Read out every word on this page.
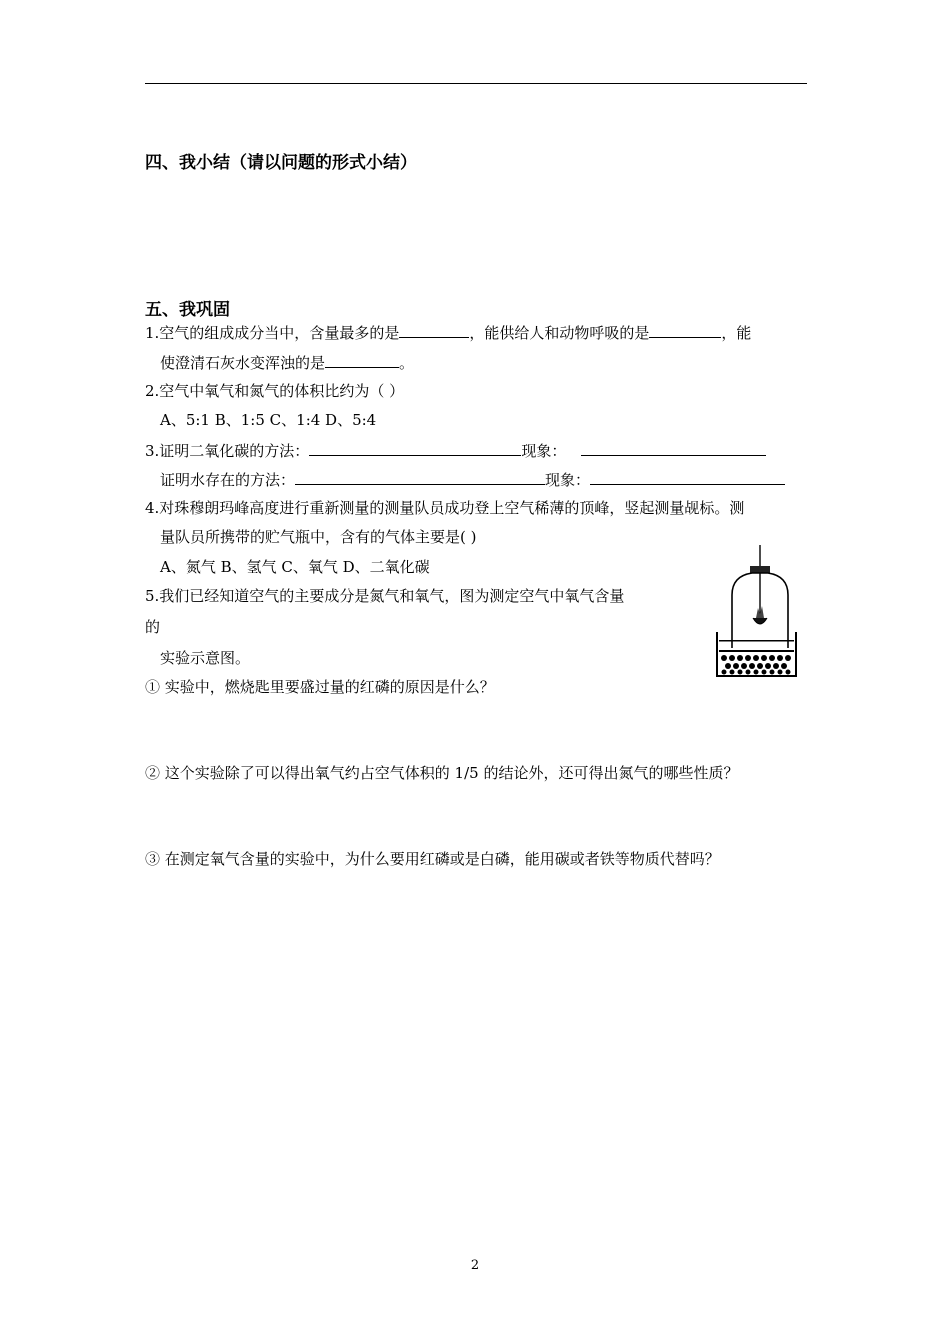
四、我小结（请以问题的形式小结）
五、我巩固
1.空气的组成成分当中，含量最多的是	，能供给人和动物呼吸的是	，能
使澄清石灰水变浑浊的是	。
2.空气中氧气和氮气的体积比约为（ ）
A、5:1 B、1:5 C、1:4 D、5:4
3.证明二氧化碳的方法：	现象：
证明水存在的方法：	现象：
4.对珠穆朗玛峰高度进行重新测量的测量队员成功登上空气稀薄的顶峰，竖起测量觇标。测
量队员所携带的贮气瓶中，含有的气体主要是( )
A、氮气 B、氢气 C、氧气 D、二氧化碳
5.我们已经知道空气的主要成分是氮气和氧气，图为测定空气中氧气含量
的
实验示意图。
① 实验中，燃烧匙里要盛过量的红磷的原因是什么？
② 这个实验除了可以得出氧气约占空气体积的 1/5 的结论外，还可得出氮气的哪些性质？
③ 在测定氧气含量的实验中，为什么要用红磷或是白磷，能用碳或者铁等物质代替吗？
2
